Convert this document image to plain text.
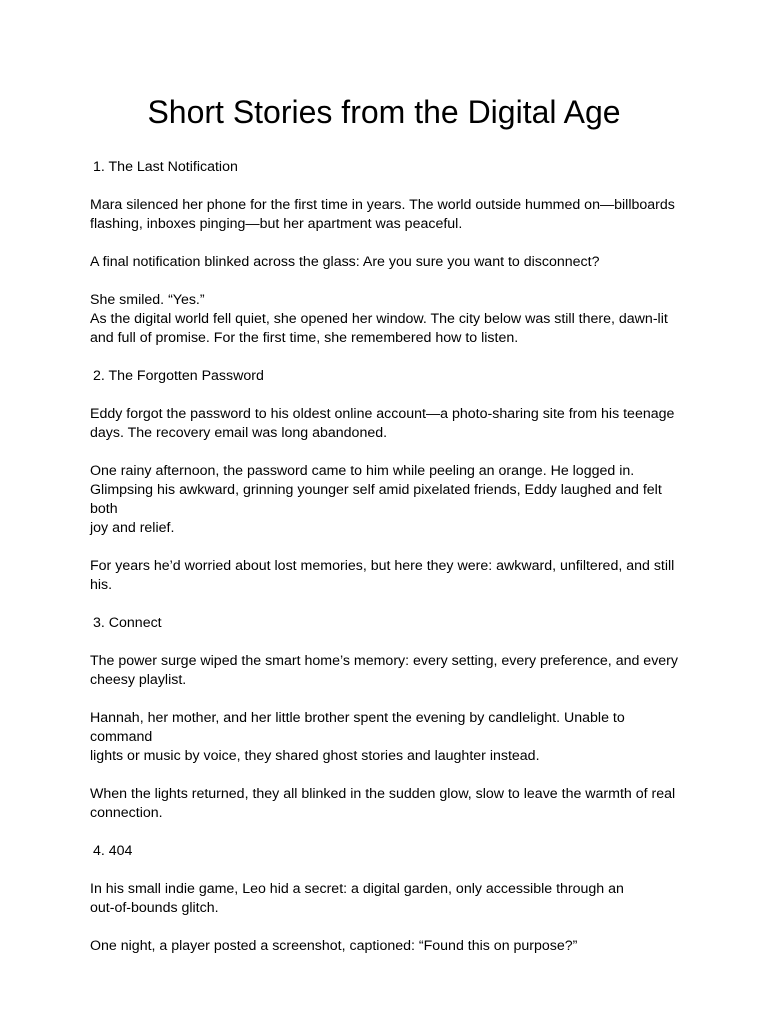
Short Stories from the Digital Age
1. The Last Notification

Mara silenced her phone for the first time in years. The world outside hummed on—billboards
flashing, inboxes pinging—but her apartment was peaceful.

A final notification blinked across the glass: Are you sure you want to disconnect?

She smiled. “Yes.”

As the digital world fell quiet, she opened her window. The city below was still there, dawn-lit
and full of promise. For the first time, she remembered how to listen.

2. The Forgotten Password

Eddy forgot the password to his oldest online account—a photo-sharing site from his teenage
days. The recovery email was long abandoned.

One rainy afternoon, the password came to him while peeling an orange. He logged in.
Glimpsing his awkward, grinning younger self amid pixelated friends, Eddy laughed and felt both
joy and relief.

For years he’d worried about lost memories, but here they were: awkward, unfiltered, and still
his.

3. Connect

The power surge wiped the smart home’s memory: every setting, every preference, and every
cheesy playlist.

Hannah, her mother, and her little brother spent the evening by candlelight. Unable to command
lights or music by voice, they shared ghost stories and laughter instead.

When the lights returned, they all blinked in the sudden glow, slow to leave the warmth of real
connection.

4. 404

In his small indie game, Leo hid a secret: a digital garden, only accessible through an
out-of-bounds glitch.

One night, a player posted a screenshot, captioned: “Found this on purpose?”
